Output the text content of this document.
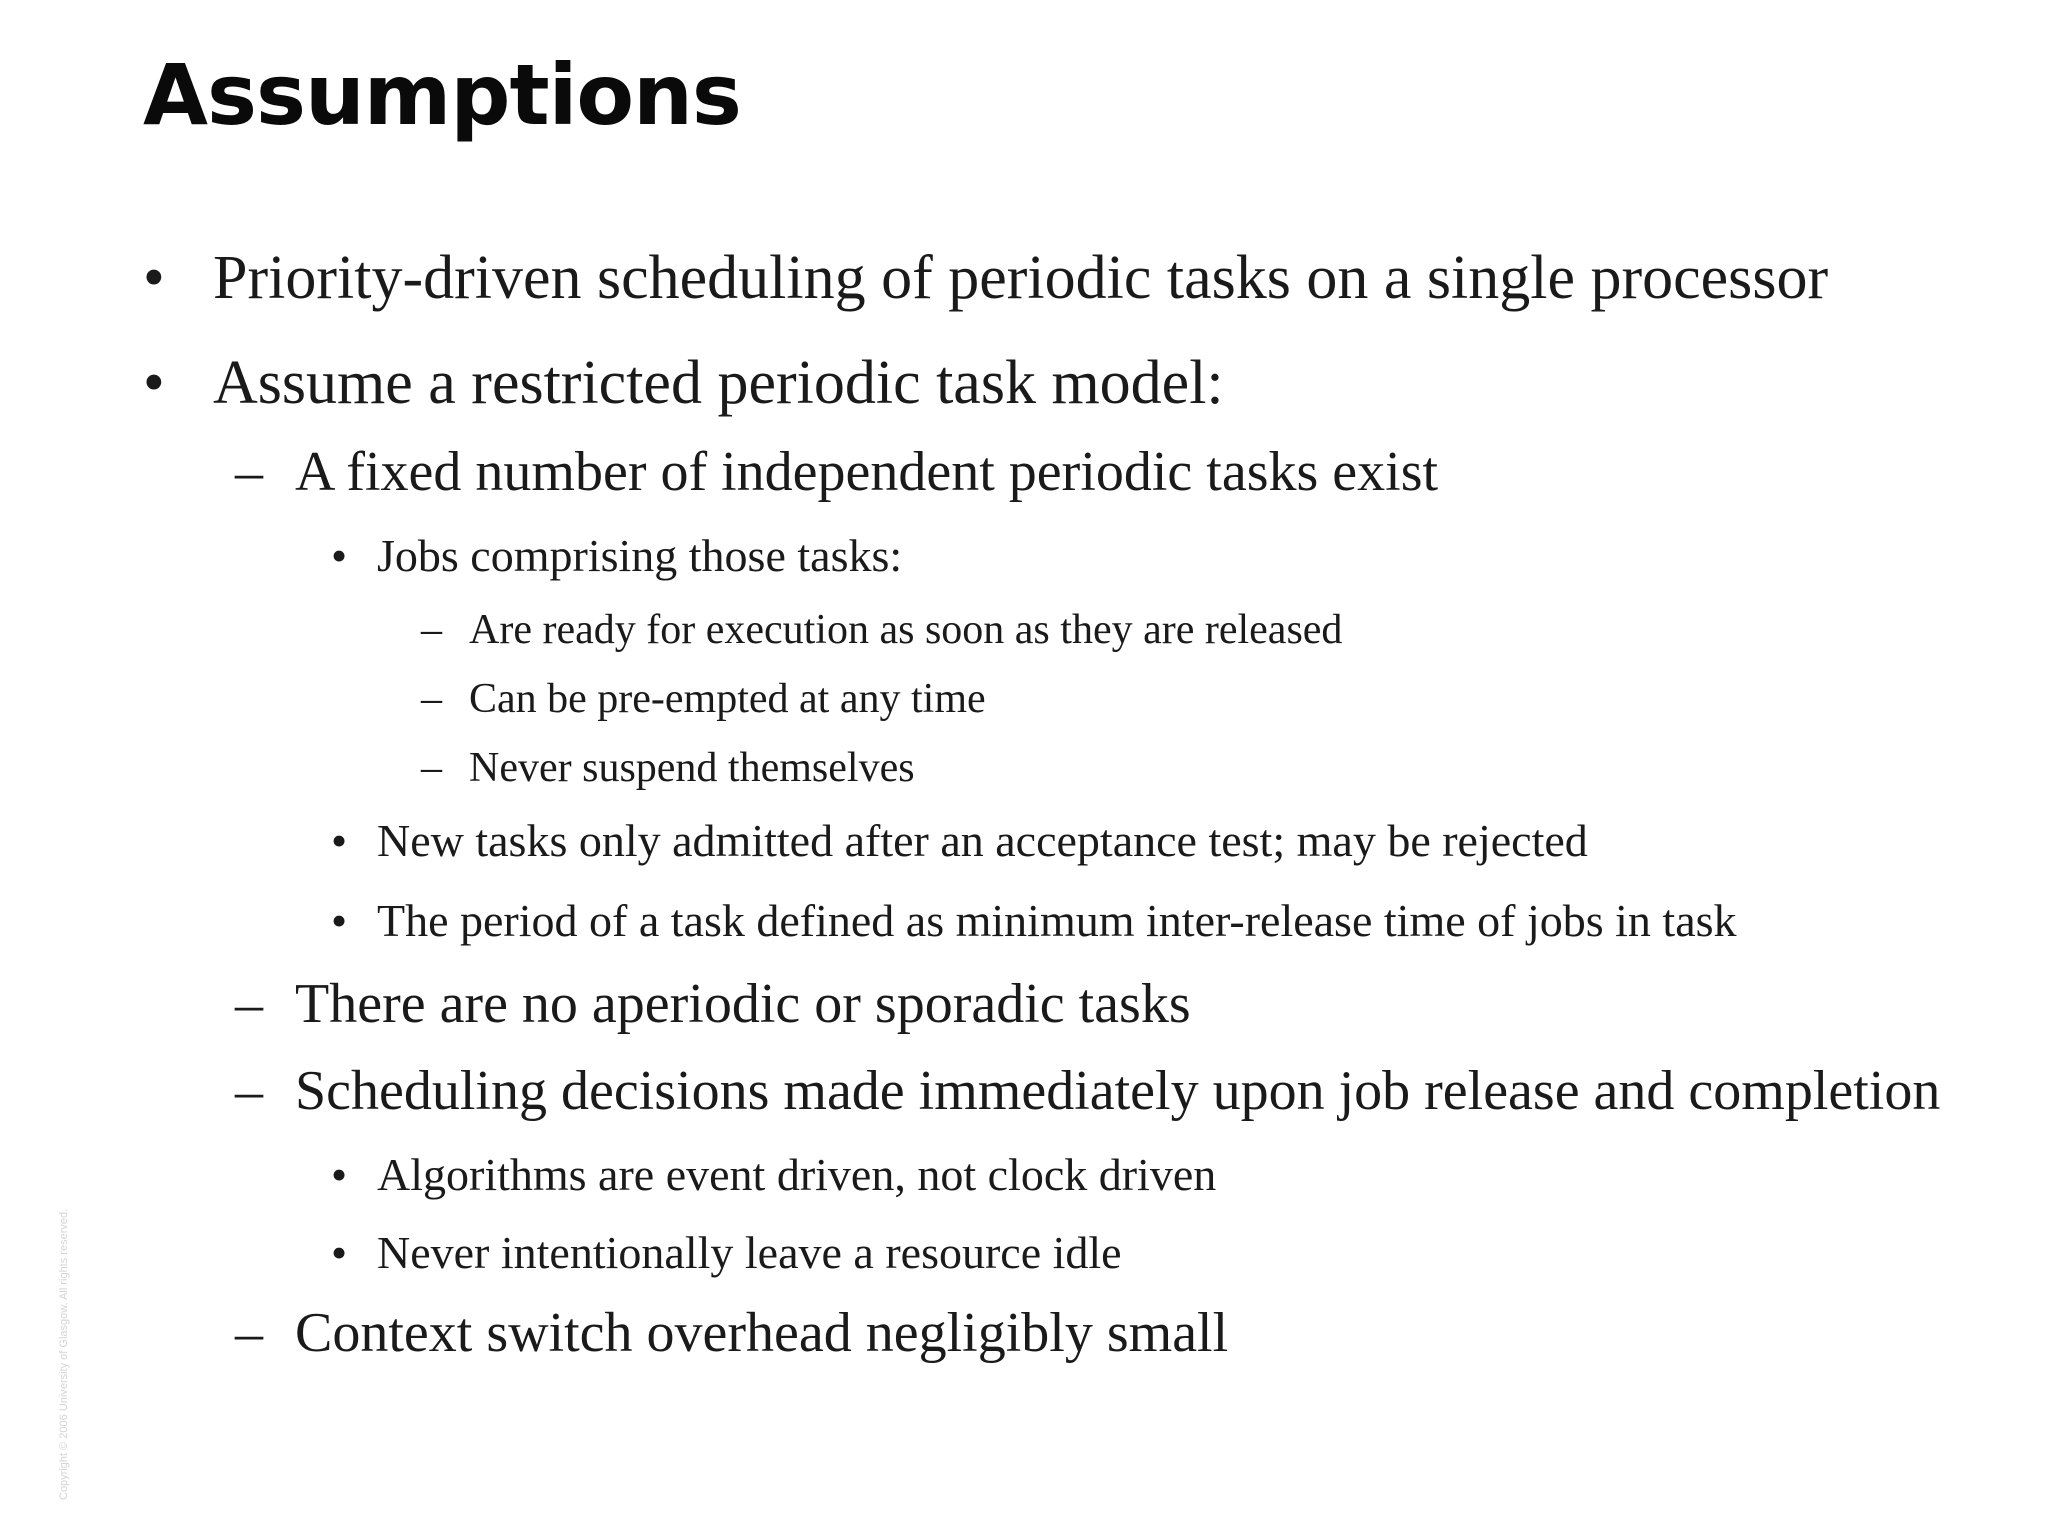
Assumptions
• Priority-driven scheduling of periodic tasks on a single processor
• Assume a restricted periodic task model:
– A fixed number of independent periodic tasks exist
• Jobs comprising those tasks:
– Are ready for execution as soon as they are released
– Can be pre-empted at any time
– Never suspend themselves
• New tasks only admitted after an acceptance test; may be rejected
• The period of a task defined as minimum inter-release time of jobs in task
– There are no aperiodic or sporadic tasks
– Scheduling decisions made immediately upon job release and completion
• Algorithms are event driven, not clock driven
• Never intentionally leave a resource idle
– Context switch overhead negligibly small
Copyright © 2006 University of Glasgow. All rights reserved.
